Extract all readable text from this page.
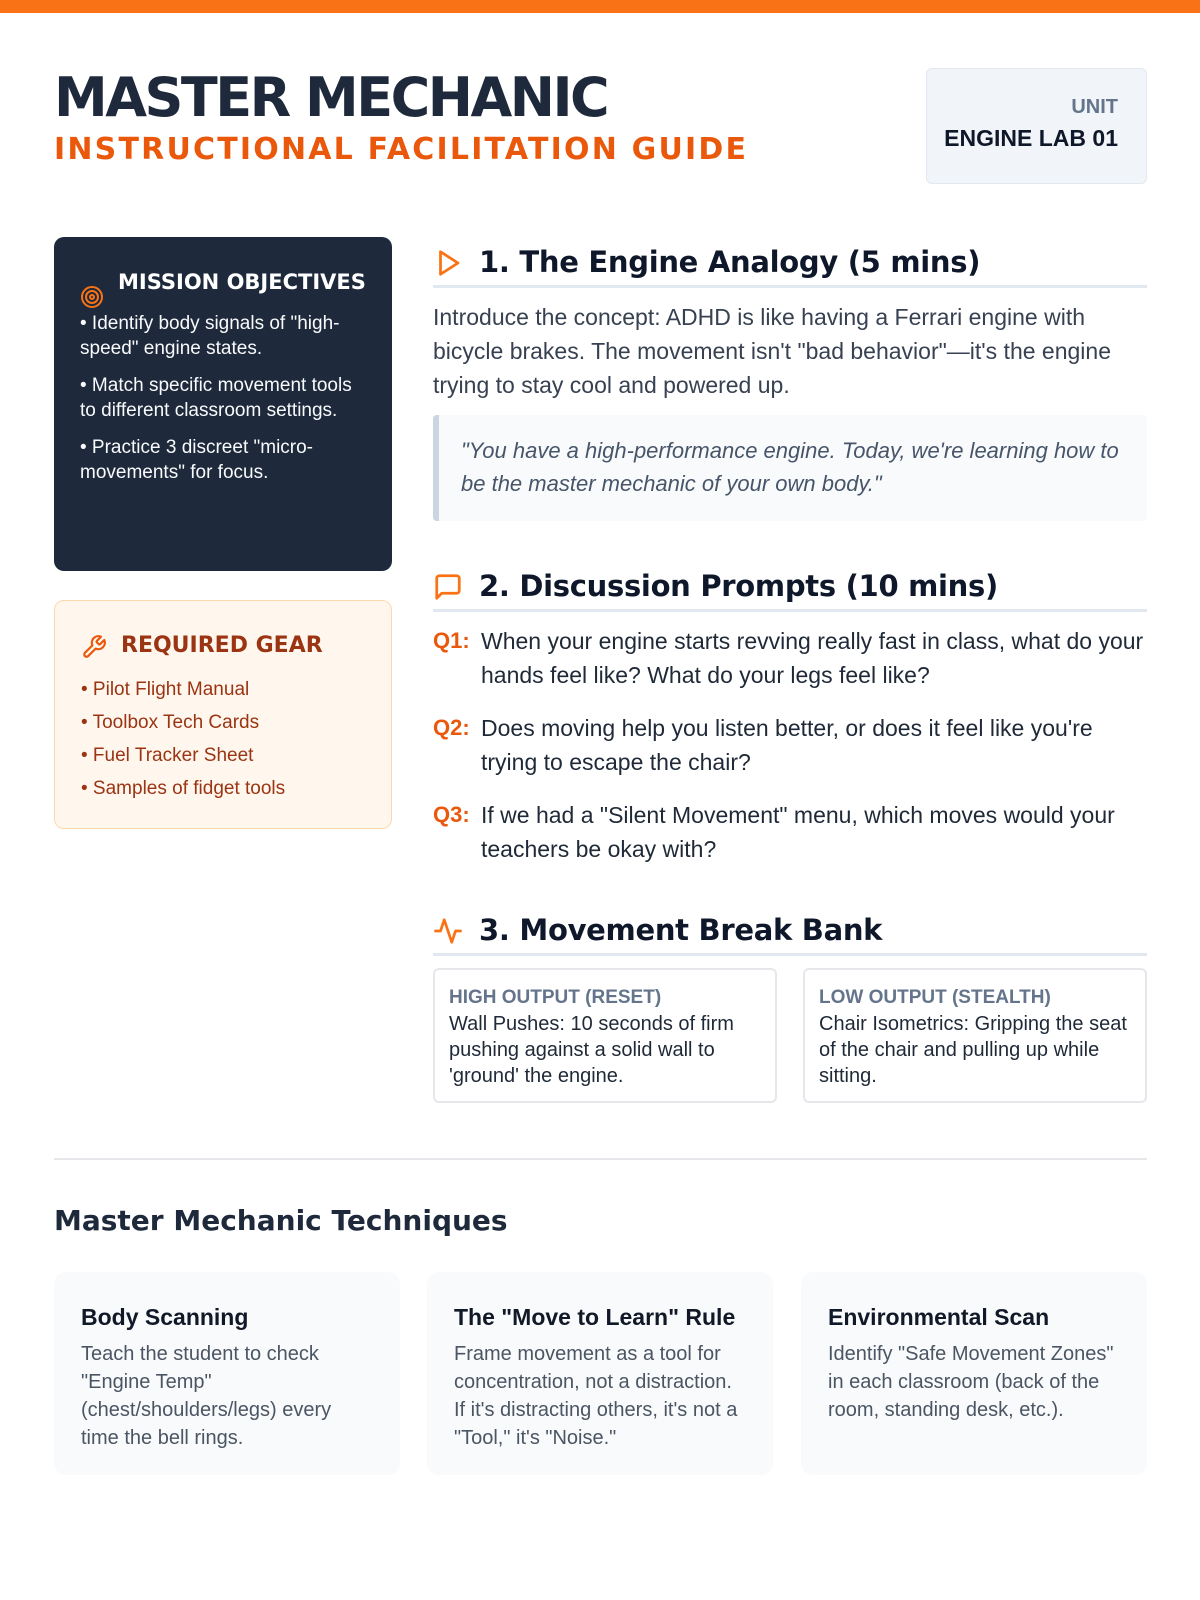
MASTER MECHANIC
INSTRUCTIONAL FACILITATION GUIDE
UNIT
ENGINE LAB 01
MISSION OBJECTIVES
• Identify body signals of "high-speed" engine states.
• Match specific movement tools to different classroom settings.
• Practice 3 discreet "micro-movements" for focus.
REQUIRED GEAR
• Pilot Flight Manual
• Toolbox Tech Cards
• Fuel Tracker Sheet
• Samples of fidget tools
1. The Engine Analogy (5 mins)
Introduce the concept: ADHD is like having a Ferrari engine with bicycle brakes. The movement isn't "bad behavior"—it's the engine trying to stay cool and powered up.
"You have a high-performance engine. Today, we're learning how to be the master mechanic of your own body."
2. Discussion Prompts (10 mins)
Q1: When your engine starts revving really fast in class, what do your hands feel like? What do your legs feel like?
Q2: Does moving help you listen better, or does it feel like you're trying to escape the chair?
Q3: If we had a "Silent Movement" menu, which moves would your teachers be okay with?
3. Movement Break Bank
HIGH OUTPUT (RESET)
Wall Pushes: 10 seconds of firm pushing against a solid wall to 'ground' the engine.
LOW OUTPUT (STEALTH)
Chair Isometrics: Gripping the seat of the chair and pulling up while sitting.
Master Mechanic Techniques
Body Scanning
Teach the student to check "Engine Temp" (chest/shoulders/legs) every time the bell rings.
The "Move to Learn" Rule
Frame movement as a tool for concentration, not a distraction. If it's distracting others, it's not a "Tool," it's "Noise."
Environmental Scan
Identify "Safe Movement Zones" in each classroom (back of the room, standing desk, etc.).
